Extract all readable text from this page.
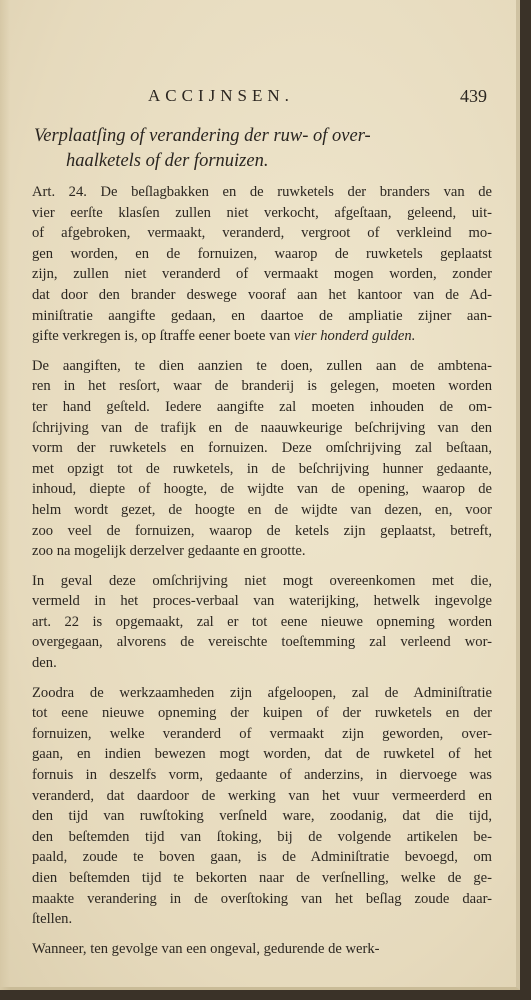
ACCIJNSEN.	439
Verplaatſing of verandering der ruw- of over-
haalketels of der fornuizen.
Art. 24. De beſlagbakken en de ruwketels der branders van de
vier eerſte klasſen zullen niet verkocht, afgeſtaan, geleend, uit-
of afgebroken, vermaakt, veranderd, vergroot of verkleind mo-
gen worden, en de fornuizen, waarop de ruwketels geplaatst
zijn, zullen niet veranderd of vermaakt mogen worden, zonder
dat door den brander deswege vooraf aan het kantoor van de Ad-
miniſtratie aangifte gedaan, en daartoe de ampliatie zijner aan-
gifte verkregen is, op ſtraffe eener boete van vier honderd gulden.
De aangiften, te dien aanzien te doen, zullen aan de ambtena-
ren in het resſort, waar de branderij is gelegen, moeten worden
ter hand geſteld. Iedere aangifte zal moeten inhouden de om-
ſchrijving van de trafijk en de naauwkeurige beſchrijving van den
vorm der ruwketels en fornuizen. Deze omſchrijving zal beſtaan,
met opzigt tot de ruwketels, in de beſchrijving hunner gedaante,
inhoud, diepte of hoogte, de wijdte van de opening, waarop de
helm wordt gezet, de hoogte en de wijdte van dezen, en, voor
zoo veel de fornuizen, waarop de ketels zijn geplaatst, betreft,
zoo na mogelijk derzelver gedaante en grootte.
In geval deze omſchrijving niet mogt overeenkomen met die,
vermeld in het proces-verbaal van waterijking, hetwelk ingevolge
art. 22 is opgemaakt, zal er tot eene nieuwe opneming worden
overgegaan, alvorens de vereischte toeſtemming zal verleend wor-
den.
Zoodra de werkzaamheden zijn afgeloopen, zal de Adminiſtratie
tot eene nieuwe opneming der kuipen of der ruwketels en der
fornuizen, welke veranderd of vermaakt zijn geworden, over-
gaan, en indien bewezen mogt worden, dat de ruwketel of het
fornuis in deszelfs vorm, gedaante of anderzins, in diervoege was
veranderd, dat daardoor de werking van het vuur vermeerderd en
den tijd van ruwſtoking verſneld ware, zoodanig, dat die tijd,
den beſtemden tijd van ſtoking, bij de volgende artikelen be-
paald, zoude te boven gaan, is de Adminiſtratie bevoegd, om
dien beſtemden tijd te bekorten naar de verſnelling, welke de ge-
maakte verandering in de overſtoking van het beſlag zoude daar-
ſtellen.
Wanneer, ten gevolge van een ongeval, gedurende de werk-
